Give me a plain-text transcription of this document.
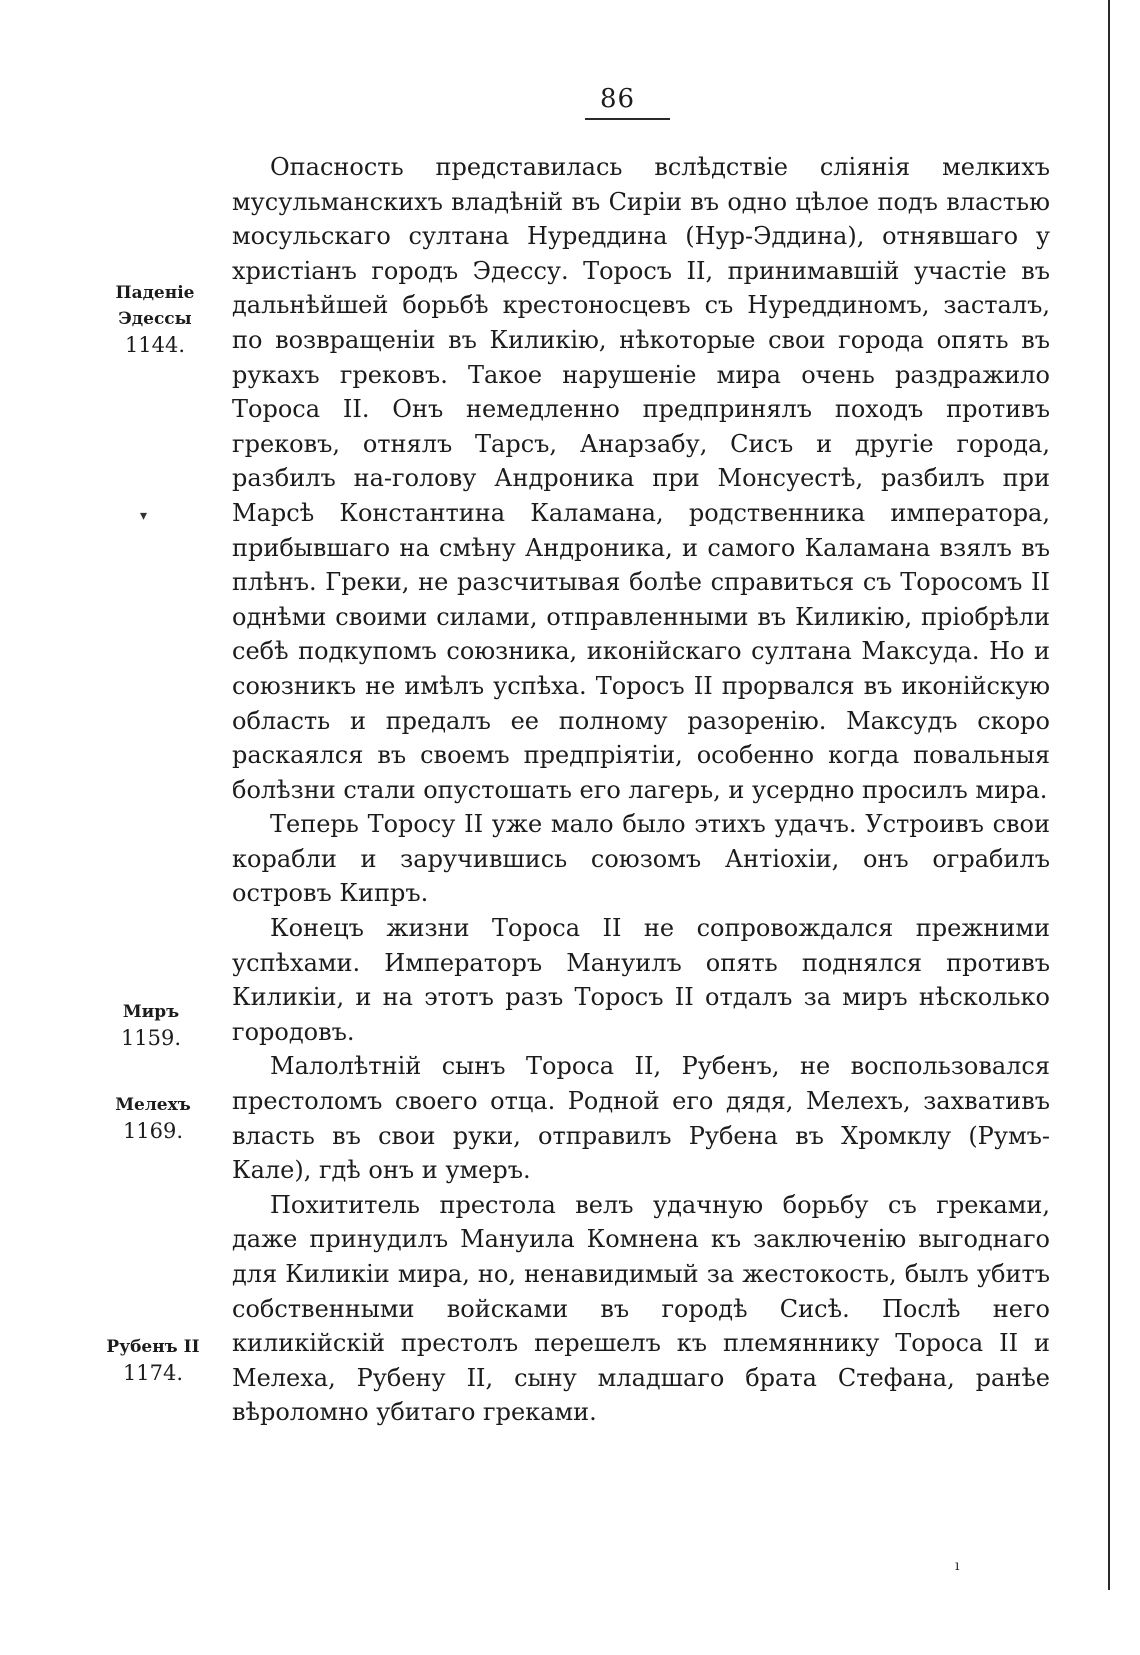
86

Паденіе Эдессы

1144.

Миръ

1159.

Мелехъ

1169.

Рубенъ II

1174.

▾
ı

Опасность представилась вслѣдствіе сліянія мелкихъ мусульманскихъ владѣній въ Сиріи въ одно цѣлое подъ властью мосульскаго султана Нуреддина (Нур-Эддина), отнявшаго у христіанъ городъ Эдессу. Торосъ II, принимавшій участіе въ дальнѣйшей борьбѣ крестоносцевъ съ Нуреддиномъ, засталъ, по возвращеніи въ Киликію, нѣкоторые свои города опять въ рукахъ грековъ. Такое нарушеніе мира очень раздражило Тороса II. Онъ немедленно предпринялъ походъ противъ грековъ, отнялъ Тарсъ, Анарзабу, Сисъ и другіе города, разбилъ на-голову Андроника при Монсуестѣ, разбилъ при Марсѣ Константина Каламана, родственника императора, прибывшаго на смѣну Андроника, и самого Каламана взялъ въ плѣнъ. Греки, не разсчитывая болѣе справиться съ Торосомъ II однѣми своими силами, отправленными въ Киликію, пріобрѣли себѣ подкупомъ союзника, иконійскаго султана Максуда. Но и союзникъ не имѣлъ успѣха. Торосъ II прорвался въ иконійскую область и предалъ ее полному разоренію. Максудъ скоро раскаялся въ своемъ предпріятіи, особенно когда повальныя болѣзни стали опустошать его лагерь, и усердно просилъ мира.

Теперь Торосу II уже мало было этихъ удачъ. Устроивъ свои корабли и заручившись союзомъ Антіохіи, онъ ограбилъ островъ Кипръ.

Конецъ жизни Тороса II не сопровождался прежними успѣхами. Императоръ Мануилъ опять поднялся противъ Киликіи, и на этотъ разъ Торосъ II отдалъ за миръ нѣсколько городовъ.

Малолѣтній сынъ Тороса II, Рубенъ, не воспользовался престоломъ своего отца. Родной его дядя, Мелехъ, захвативъ власть въ свои руки, отправилъ Рубена въ Хромклу (Румъ-Кале), гдѣ онъ и умеръ.

Похититель престола велъ удачную борьбу съ греками, даже принудилъ Мануила Комнена къ заключенію выгоднаго для Киликіи мира, но, ненавидимый за жестокость, былъ убитъ собственными войсками въ городѣ Сисѣ. Послѣ него киликійскій престолъ перешелъ къ племяннику Тороса II и Мелеха, Рубену II, сыну младшаго брата Стефана, ранѣе вѣроломно убитаго греками.
